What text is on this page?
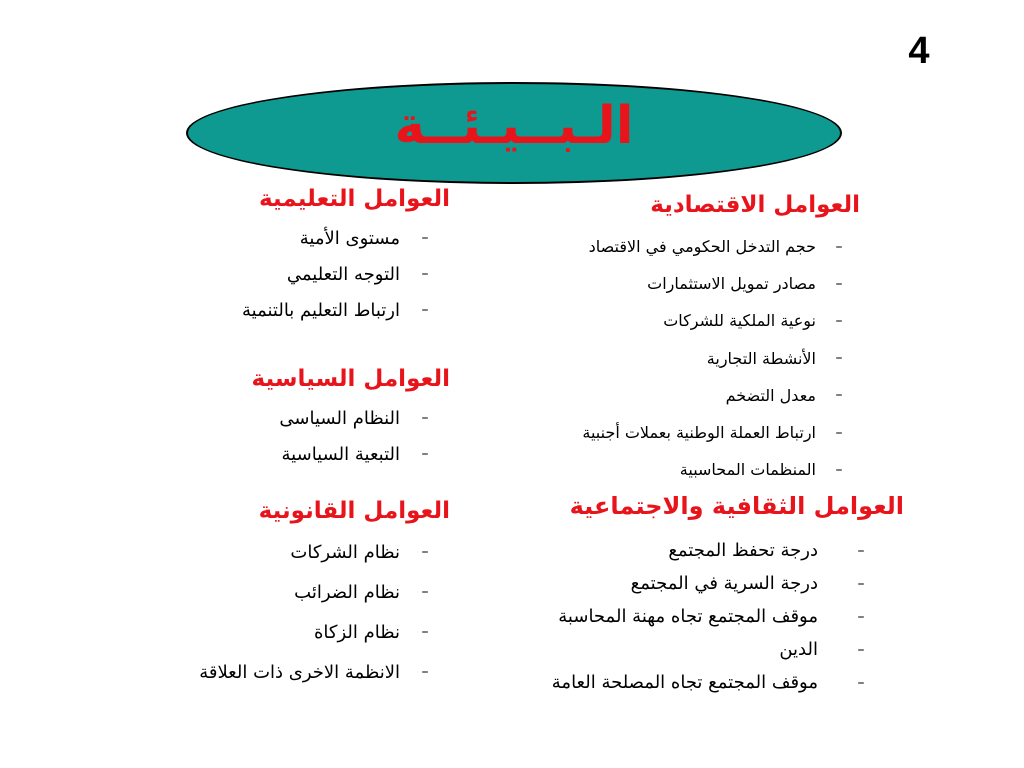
4
الـبــيـئــة
العوامل الاقتصادية
–
حجم التدخل الحكومي في الاقتصاد
–
مصادر تمويل الاستثمارات
–
نوعية الملكية للشركات
–
الأنشطة التجارية
–
معدل التضخم
–
ارتباط العملة الوطنية بعملات أجنبية
–
المنظمات المحاسبية
العوامل الثقافية والاجتماعية
–
درجة تحفظ المجتمع
–
درجة السرية في المجتمع
–
موقف المجتمع تجاه مهنة المحاسبة
–
الدين
–
موقف المجتمع تجاه المصلحة العامة
العوامل التعليمية
–
مستوى الأمية
–
التوجه التعليمي
–
ارتباط التعليم بالتنمية
العوامل السياسية
–
النظام السياسى
–
التبعية السياسية
العوامل القانونية
–
نظام الشركات
–
نظام الضرائب
–
نظام الزكاة
–
الانظمة الاخرى ذات العلاقة
